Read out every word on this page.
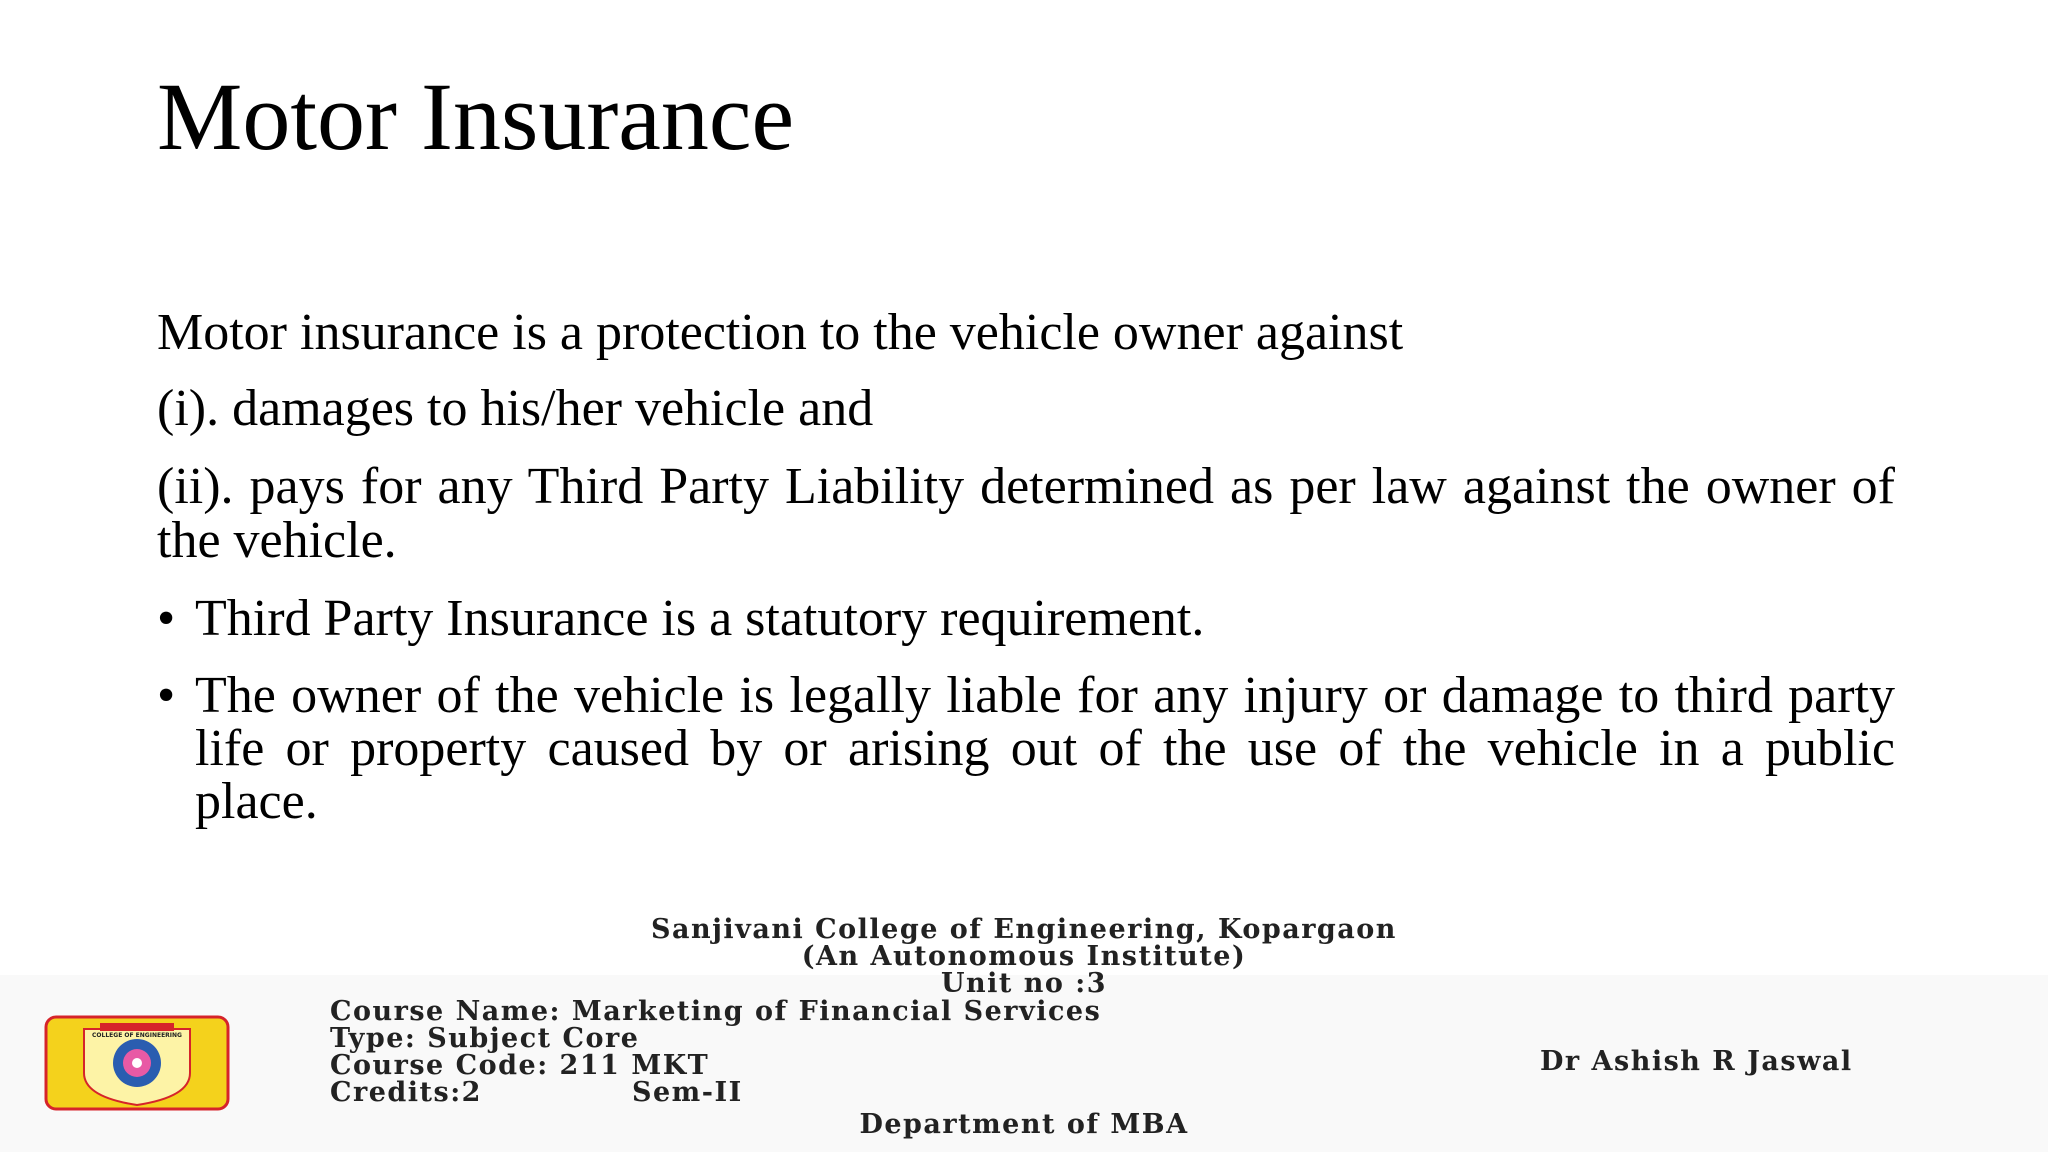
Motor Insurance

Motor insurance is a protection to the vehicle owner against

(i). damages to his/her vehicle and

(ii). pays for any Third Party Liability determined as per law against the owner of the vehicle.

• Third Party Insurance is a statutory requirement.
• The owner of the vehicle is legally liable for any injury or damage to third party life or property caused by or arising out of the use of the vehicle in a public place.
COLLEGE OF ENGINEERING
Sanjivani College of Engineering, Kopargaon
(An Autonomous Institute)
Unit no :3
Course Name: Marketing of Financial Services
Type: Subject Core
Course Code: 211 MKT
Credits:2	Sem-II
Dr Ashish R Jaswal
Department of MBA
